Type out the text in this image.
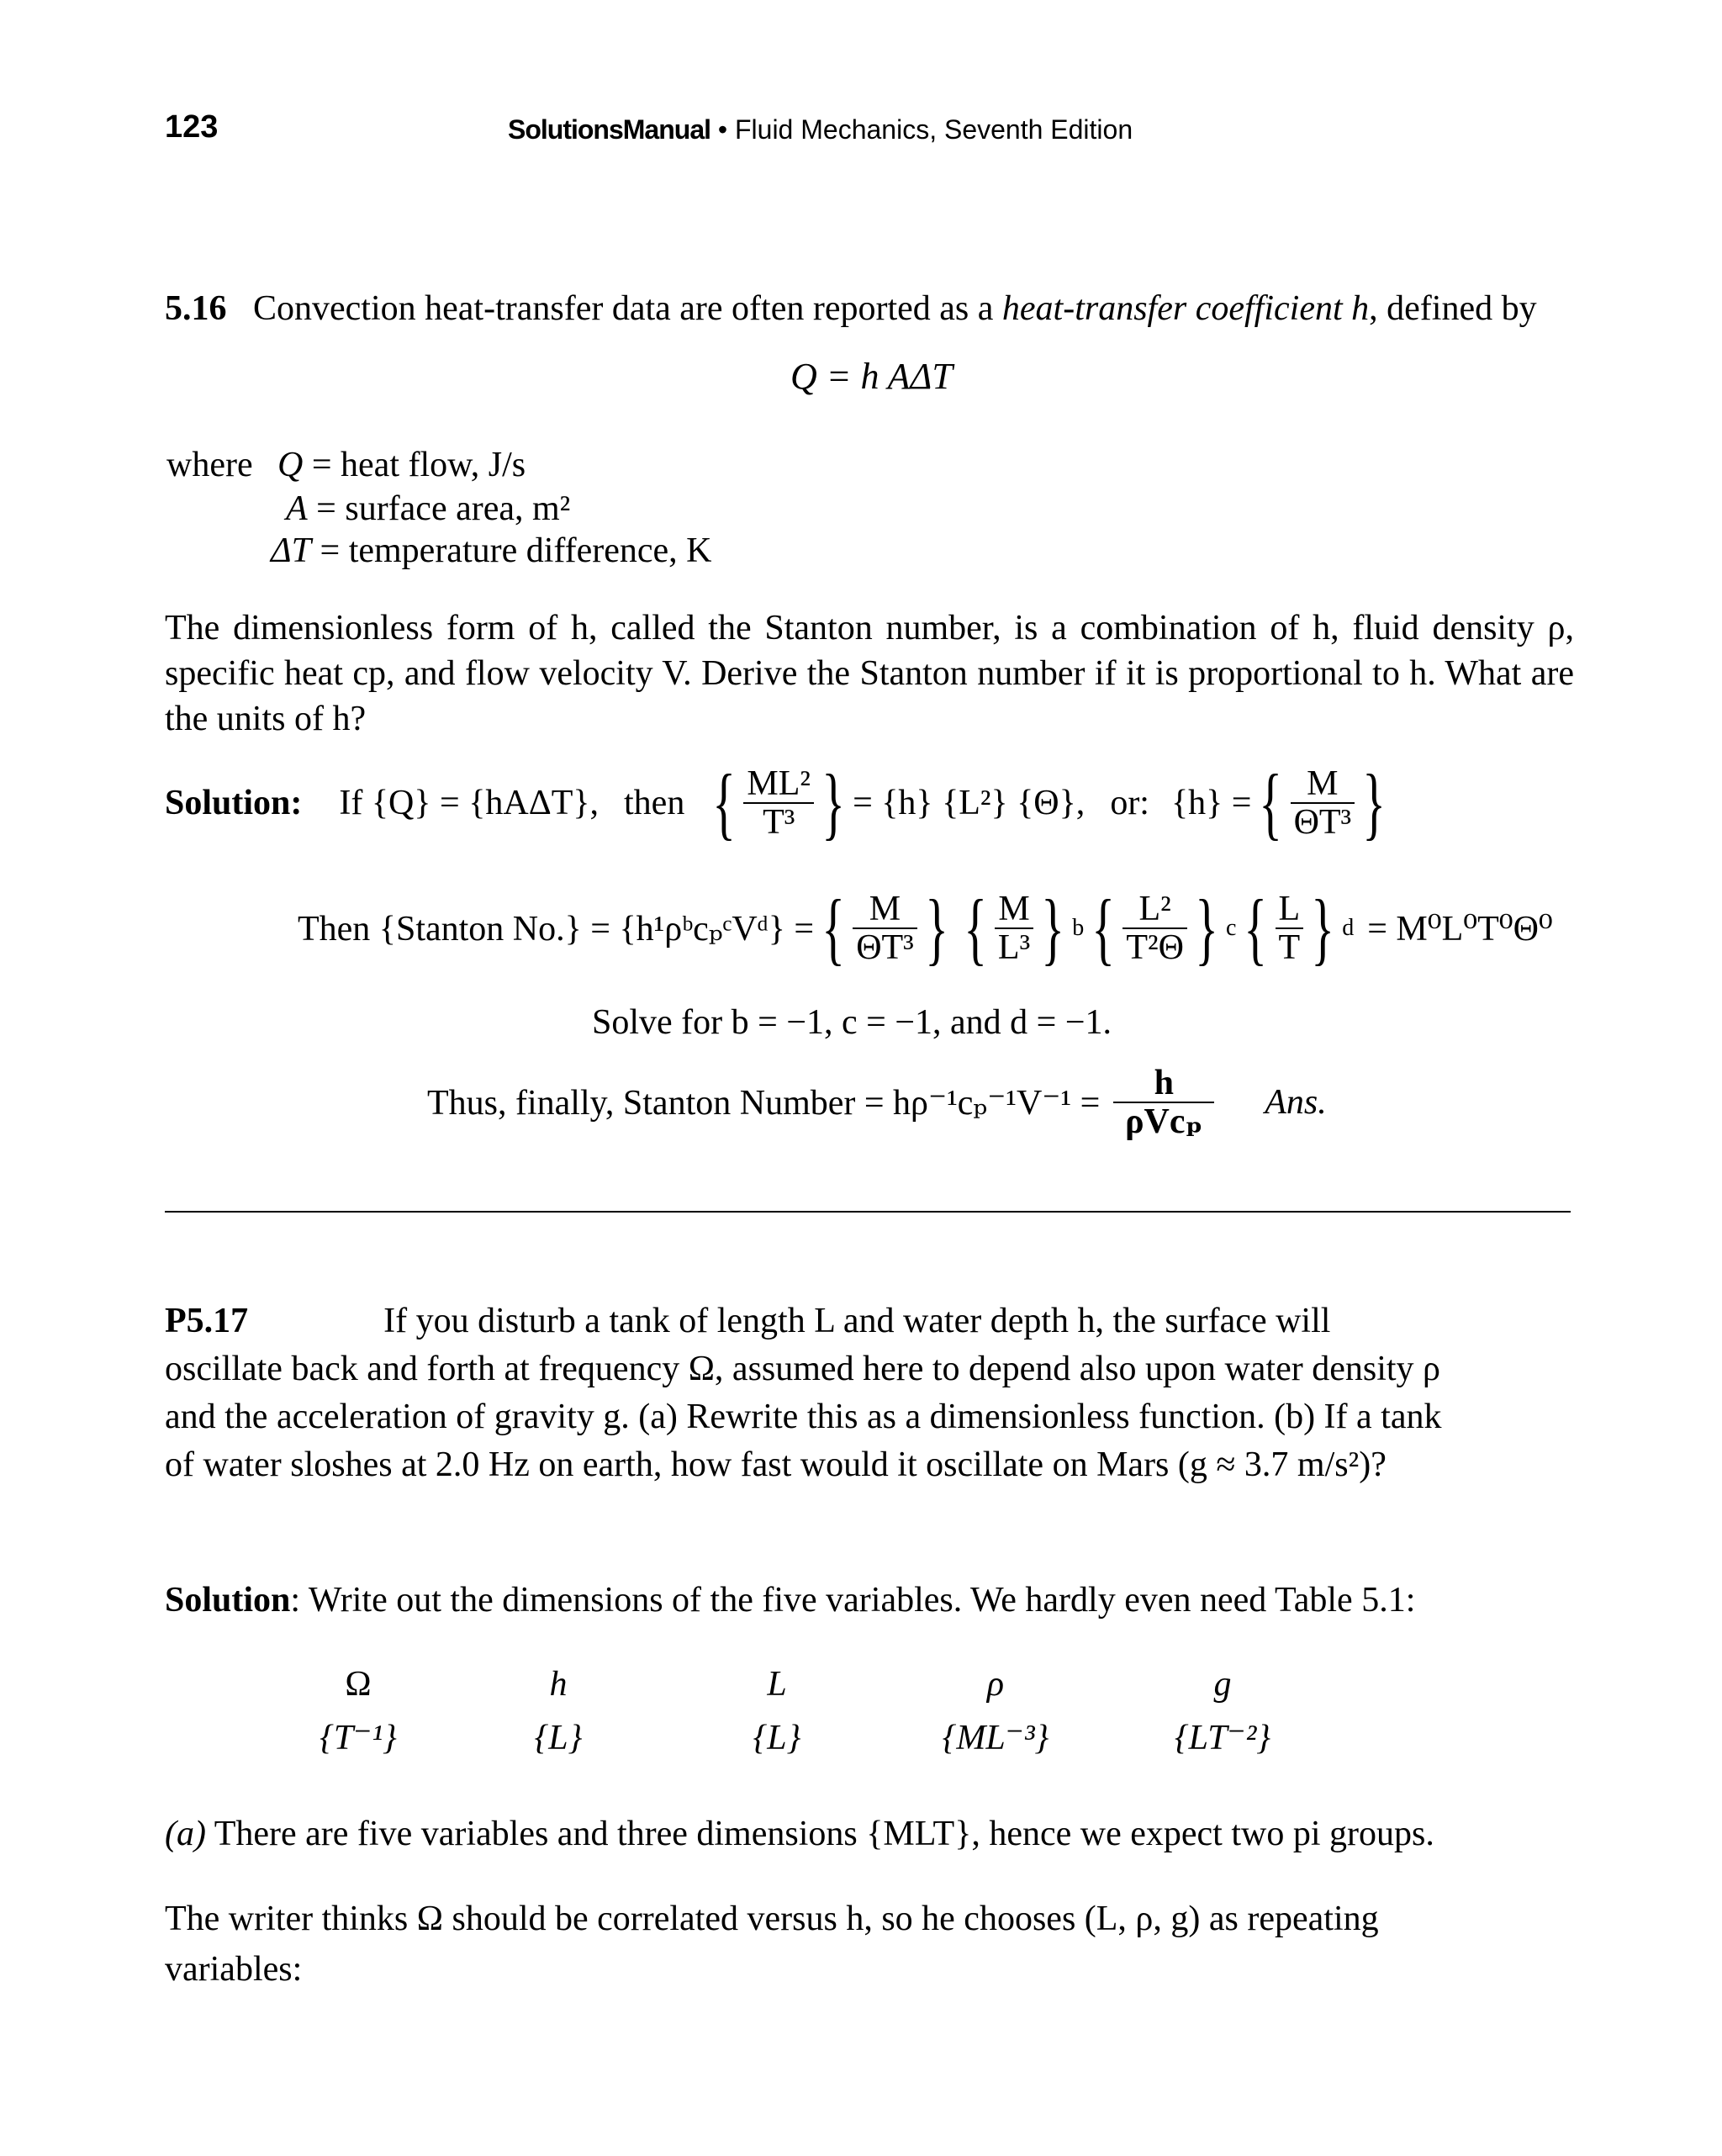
123	SolutionsManual • Fluid Mechanics, Seventh Edition
5.16 Convection heat-transfer data are often reported as a heat-transfer coefficient h, defined by
Q = h AΔT
where Q = heat flow, J/s
A = surface area, m²
ΔT = temperature difference, K
The dimensionless form of h, called the Stanton number, is a combination of h, fluid density ρ, specific heat cp, and flow velocity V. Derive the Stanton number if it is proportional to h. What are the units of h?
Solution: If {Q} = {hAΔT}, then { $\frac{\text{ML²}}{\text{T³}}$ } = {h} {L²} {Θ}, or: {h} = { $\frac{M}{\text{ΘT³}}$ }
Then {Stanton No.} = {h¹ρᵇcₚᶜVᵈ} = { $\frac{M}{\text{ΘT³}}$ } { $\frac{M}{\text{L³}}$ } b { $\frac{\text{L²}}{\text{T²Θ}}$ } c { $\frac{L}{T}$ } d = M⁰L⁰T⁰Θ⁰
Solve for b = −1, c = −1, and d = −1.
Thus, finally, Stanton Number = $h\rho^{-1}c_p^{-1}V^{-1} = \frac{h}{\text{ρVcₚ}}$ Ans.
P5.17	If you disturb a tank of length L and water depth h, the surface will
oscillate back and forth at frequency Ω, assumed here to depend also upon water density ρ and the acceleration of gravity g. (a) Rewrite this as a dimensionless function. (b) If a tank of water sloshes at 2.0 Hz on earth, how fast would it oscillate on Mars (g ≈ 3.7 m/s²)?
Solution: Write out the dimensions of the five variables. We hardly even need Table 5.1:
Ω
{T⁻¹}
h
{L}
L
{L}
ρ
{ML⁻³}
g
{LT⁻²}
(a) There are five variables and three dimensions {MLT}, hence we expect two pi groups.
The writer thinks Ω should be correlated versus h, so he chooses (L, ρ, g) as repeating variables:
